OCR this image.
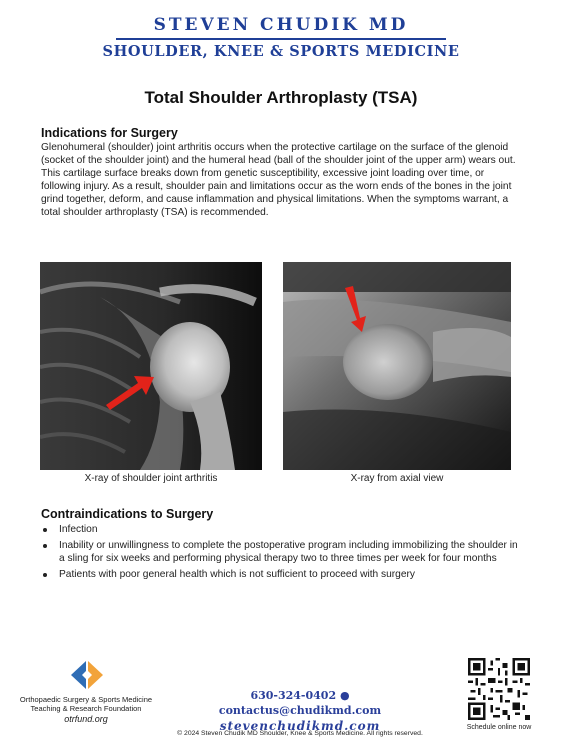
STEVEN CHUDIK MD
SHOULDER, KNEE & SPORTS MEDICINE
Total Shoulder Arthroplasty (TSA)
Indications for Surgery
Glenohumeral (shoulder) joint arthritis occurs when the protective cartilage on the surface of the glenoid (socket of the shoulder joint) and the humeral head (ball of the shoulder joint of the upper arm) wears out. This cartilage surface breaks down from genetic susceptibility, excessive joint loading over time, or following injury. As a result, shoulder pain and limitations occur as the worn ends of the bones in the joint grind together, deform, and cause inflammation and physical limitations. When the symptoms warrant, a total shoulder arthroplasty (TSA) is recommended.
X-ray of shoulder joint arthritis	X-ray from axial view
Contraindications to Surgery
Infection
Inability or unwillingness to complete the postoperative program including immobilizing the shoulder in a sling for six weeks and performing physical therapy two to three times per week for four months
Patients with poor general health which is not sufficient to proceed with surgery
Orthopaedic Surgery & Sports Medicine
Teaching & Research Foundation
otrfund.org
630-324-0402 ● contactus@chudikmd.com
stevenchudikmd.com
© 2024 Steven Chudik MD Shoulder, Knee & Sports Medicine. All rights reserved.
Schedule online now
